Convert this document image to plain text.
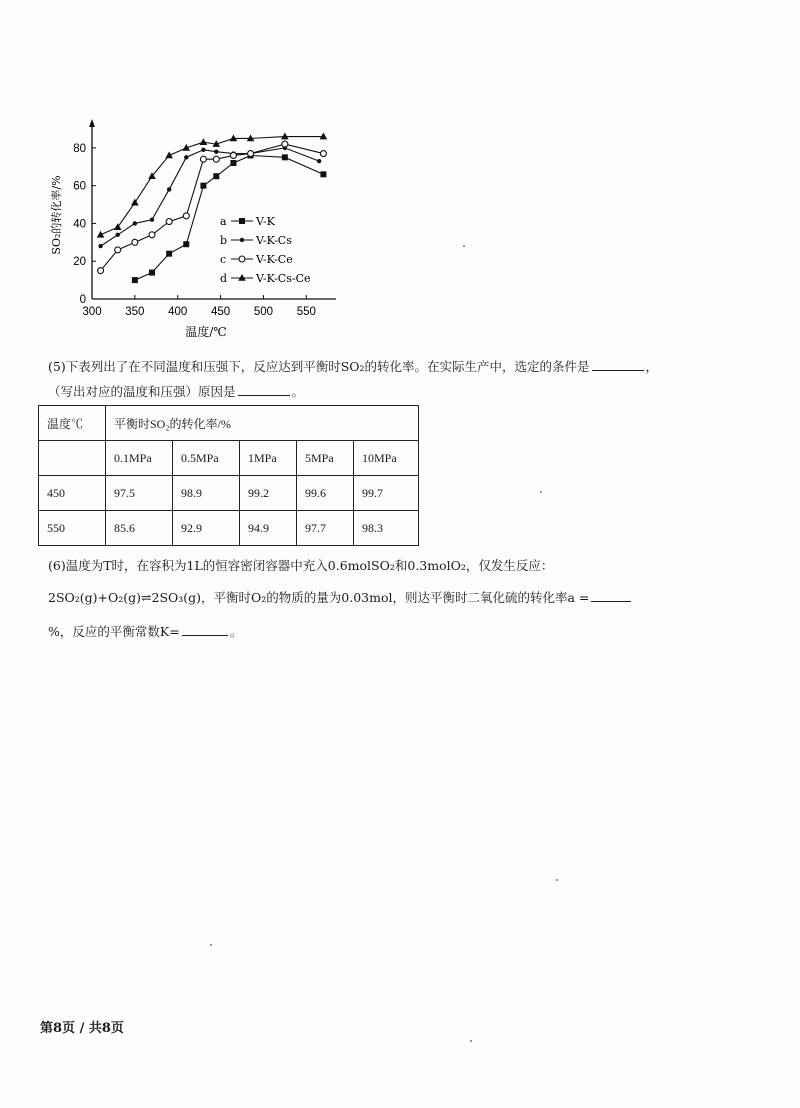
300 350 400 450 500 550
0
20
40
60
80
a	V-K
b	V-K-Cs
c	V-K-Ce
d	V-K-Cs-Ce
温度/℃
SO₂的转化率/%
(5)下表列出了在不同温度和压强下，反应达到平衡时SO₂的转化率。在实际生产中，选定的条件是	，
（写出对应的温度和压强）原因是	。
温度℃	平衡时SO₂的转化率/%				
	0.1MPa	0.5MPa	1MPa	5MPa	10MPa
450	97.5	98.9	99.2	99.6	99.7
550	85.6	92.9	94.9	97.7	98.3
(6)温度为T时，在容积为1L的恒容密闭容器中充入0.6molSO₂和0.3molO₂，仅发生反应：
2SO₂(g)+O₂(g)⇌2SO₃(g)，平衡时O₂的物质的量为0.03mol，则达平衡时二氧化硫的转化率a =
%，反应的平衡常数K=	。
第8页 / 共8页
